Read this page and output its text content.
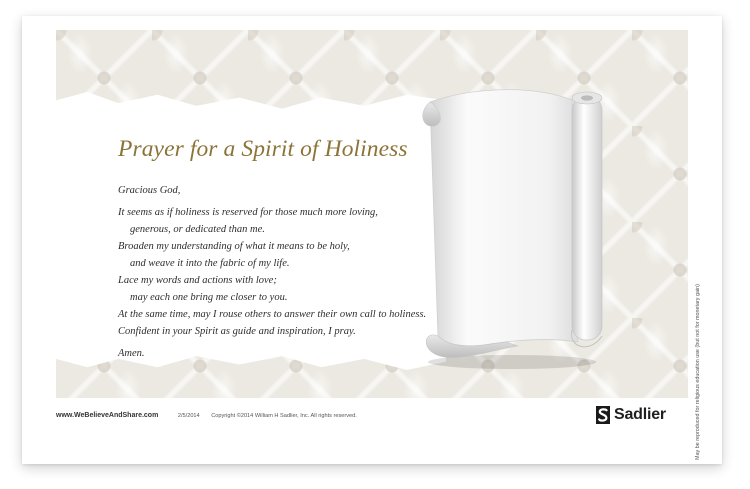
Prayer for a Spirit of Holiness
Gracious God,
It seems as if holiness is reserved for those much more loving,
generous, or dedicated than me.
Broaden my understanding of what it means to be holy,
and weave it into the fabric of my life.
Lace my words and actions with love;
may each one bring me closer to you.
At the same time, may I rouse others to answer their own call to holiness.
Confident in your Spirit as guide and inspiration, I pray.
Amen.
www.WeBelieveAndShare.com	2/5/2014 Copyright ©2014 William H Sadlier, Inc. All rights reserved.	Sadlier	May be reproduced for religious education use (but not for monetary gain)
